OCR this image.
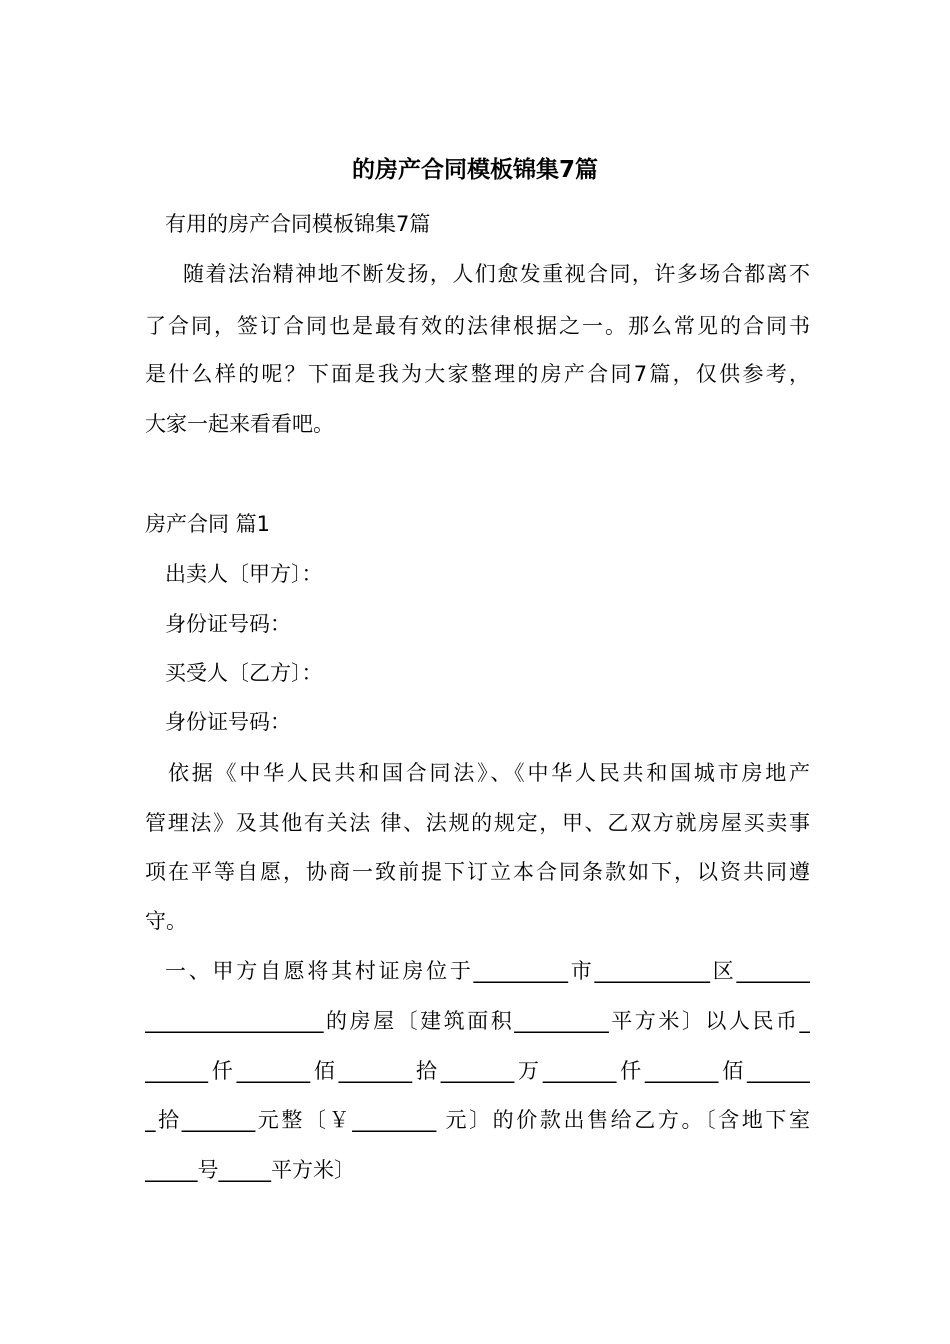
的房产合同模板锦集7篇
有用的房产合同模板锦集7篇
随着法治精神地不断发扬，人们愈发重视合同，许多场合都离不
了合同，签订合同也是最有效的法律根据之一。那么常见的合同书
是什么样的呢？下面是我为大家整理的房产合同7篇，仅供参考，
大家一起来看看吧。
房产合同 篇1
出卖人〔甲方〕：
身份证号码：
买受人〔乙方〕：
身份证号码：
依据《中华人民共和国合同法》、《中华人民共和国城市房地产
管理法》及其他有关法 律、法规的规定，甲、乙双方就房屋买卖事
项在平等自愿，协商一致前提下订立本合同条款如下，以资共同遵
守。
一、甲方自愿将其村证房位于_________市___________区_______
_________________的房屋〔建筑面积_________平方米〕以人民币_
______仟_______佰_______拾_______万_______仟_______佰______
_拾_______元整〔￥________ 元〕的价款出售给乙方。〔含地下室
_____号_____平方米〕
